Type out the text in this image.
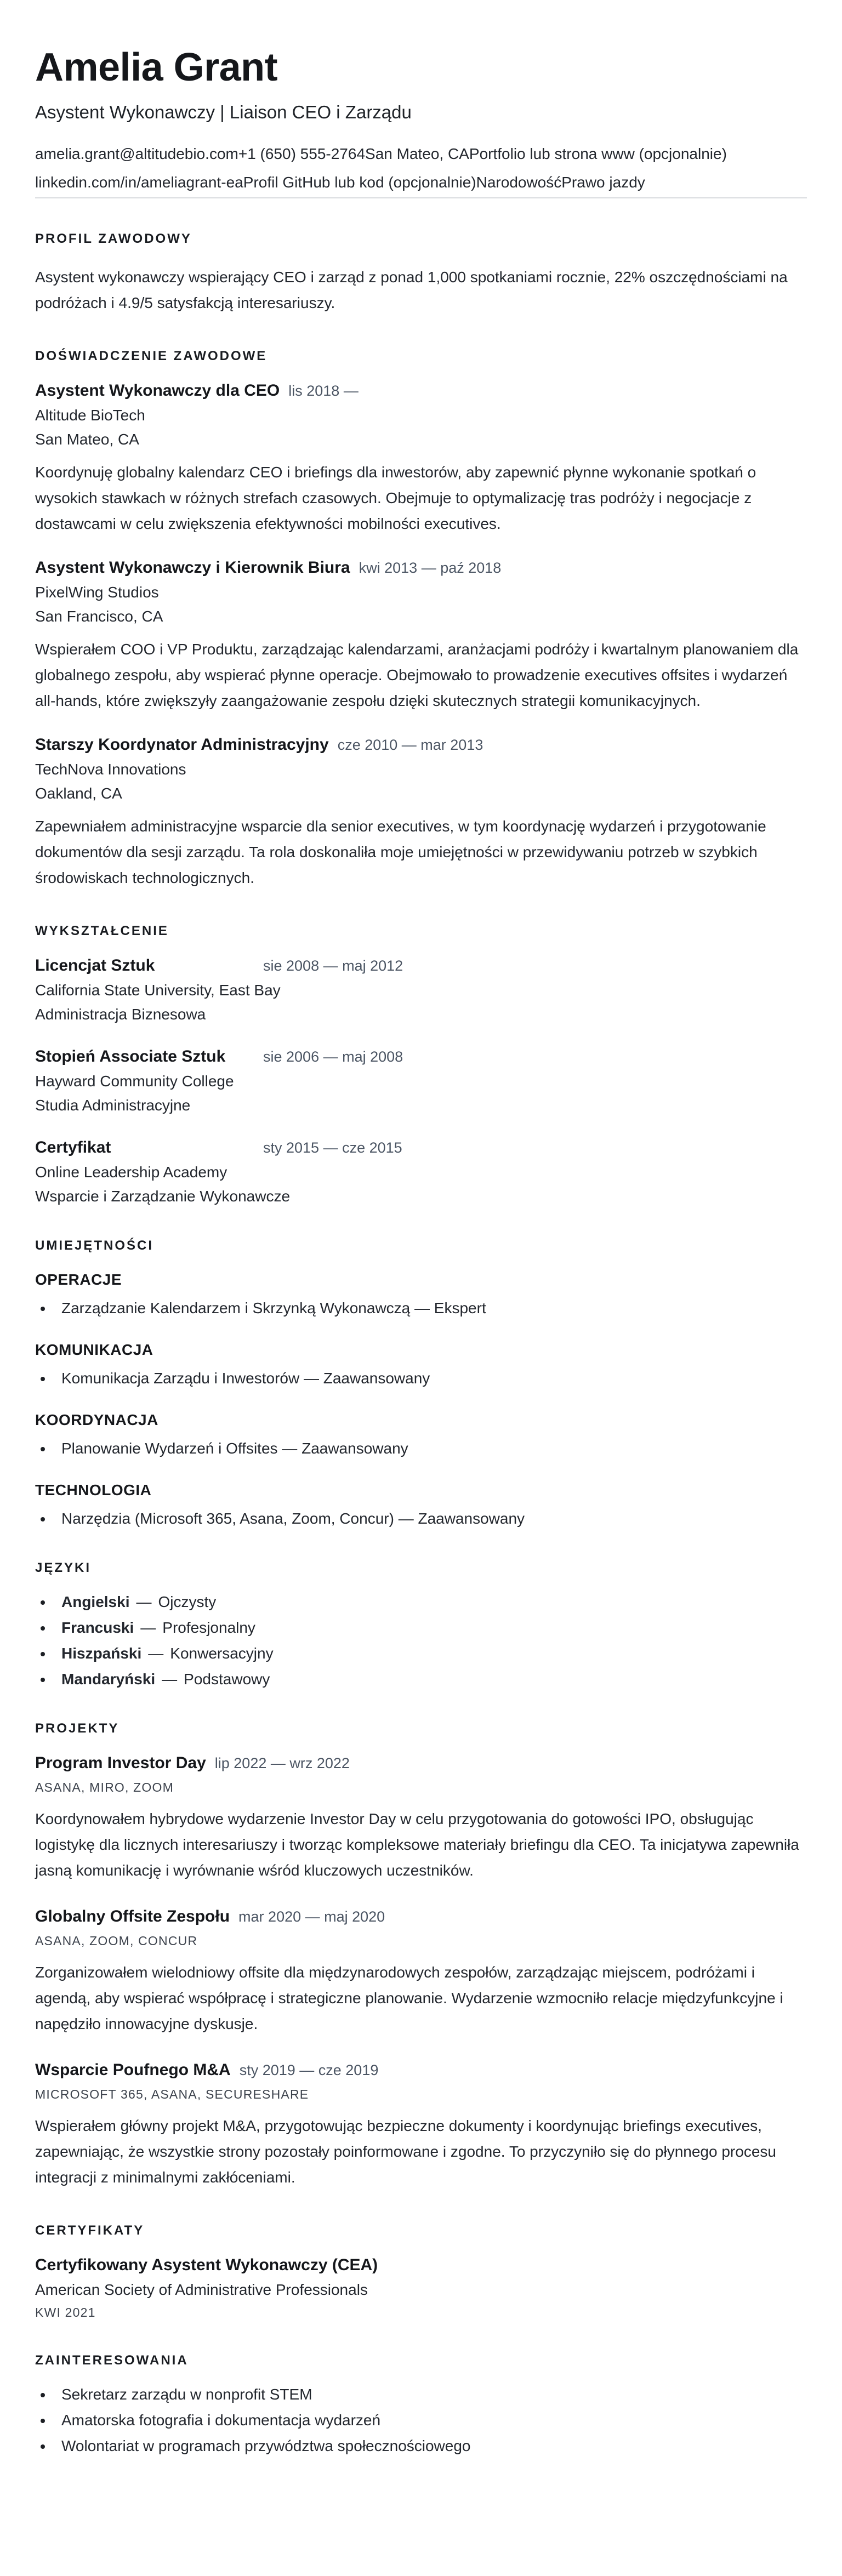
Amelia Grant
Asystent Wykonawczy | Liaison CEO i Zarządu
amelia.grant@altitudebio.com+1 (650) 555-2764San Mateo, CAPortfolio lub strona www (opcjonalnie)
linkedin.com/in/ameliagrant-eaProfil GitHub lub kod (opcjonalnie)NarodowośćPrawo jazdy
PROFIL ZAWODOWY
Asystent wykonawczy wspierający CEO i zarząd z ponad 1,000 spotkaniami rocznie, 22% oszczędnościami na podróżach i 4.9/5 satysfakcją interesariuszy.
DOŚWIADCZENIE ZAWODOWE
Asystent Wykonawczy dla CEO lis 2018 —
Altitude BioTech
San Mateo, CA
Koordynuję globalny kalendarz CEO i briefings dla inwestorów, aby zapewnić płynne wykonanie spotkań o wysokich stawkach w różnych strefach czasowych. Obejmuje to optymalizację tras podróży i negocjacje z dostawcami w celu zwiększenia efektywności mobilności executives.
Asystent Wykonawczy i Kierownik Biura kwi 2013 — paź 2018
PixelWing Studios
San Francisco, CA
Wspierałem COO i VP Produktu, zarządzając kalendarzami, aranżacjami podróży i kwartalnym planowaniem dla globalnego zespołu, aby wspierać płynne operacje. Obejmowało to prowadzenie executives offsites i wydarzeń all-hands, które zwiększyły zaangażowanie zespołu dzięki skutecznych strategii komunikacyjnych.
Starszy Koordynator Administracyjny cze 2010 — mar 2013
TechNova Innovations
Oakland, CA
Zapewniałem administracyjne wsparcie dla senior executives, w tym koordynację wydarzeń i przygotowanie dokumentów dla sesji zarządu. Ta rola doskonaliła moje umiejętności w przewidywaniu potrzeb w szybkich środowiskach technologicznych.
WYKSZTAŁCENIE
Licencjat Sztuk	sie 2008 — maj 2012
California State University, East Bay
Administracja Biznesowa
Stopień Associate Sztuk	sie 2006 — maj 2008
Hayward Community College
Studia Administracyjne
Certyfikat	sty 2015 — cze 2015
Online Leadership Academy
Wsparcie i Zarządzanie Wykonawcze
UMIEJĘTNOŚCI
OPERACJE
Zarządzanie Kalendarzem i Skrzynką Wykonawczą — Ekspert
KOMUNIKACJA
Komunikacja Zarządu i Inwestorów — Zaawansowany
KOORDYNACJA
Planowanie Wydarzeń i Offsites — Zaawansowany
TECHNOLOGIA
Narzędzia (Microsoft 365, Asana, Zoom, Concur) — Zaawansowany
JĘZYKI
Angielski — Ojczysty
Francuski — Profesjonalny
Hiszpański — Konwersacyjny
Mandaryński — Podstawowy
PROJEKTY
Program Investor Day lip 2022 — wrz 2022
ASANA, MIRO, ZOOM
Koordynowałem hybrydowe wydarzenie Investor Day w celu przygotowania do gotowości IPO, obsługując logistykę dla licznych interesariuszy i tworząc kompleksowe materiały briefingu dla CEO. Ta inicjatywa zapewniła jasną komunikację i wyrównanie wśród kluczowych uczestników.
Globalny Offsite Zespołu mar 2020 — maj 2020
ASANA, ZOOM, CONCUR
Zorganizowałem wielodniowy offsite dla międzynarodowych zespołów, zarządzając miejscem, podróżami i agendą, aby wspierać współpracę i strategiczne planowanie. Wydarzenie wzmocniło relacje międzyfunkcyjne i napędziło innowacyjne dyskusje.
Wsparcie Poufnego M&A sty 2019 — cze 2019
MICROSOFT 365, ASANA, SECURESHARE
Wspierałem główny projekt M&A, przygotowując bezpieczne dokumenty i koordynując briefings executives, zapewniając, że wszystkie strony pozostały poinformowane i zgodne. To przyczyniło się do płynnego procesu integracji z minimalnymi zakłóceniami.
CERTYFIKATY
Certyfikowany Asystent Wykonawczy (CEA)
American Society of Administrative Professionals
KWI 2021
ZAINTERESOWANIA
Sekretarz zarządu w nonprofit STEM
Amatorska fotografia i dokumentacja wydarzeń
Wolontariat w programach przywództwa społecznościowego
